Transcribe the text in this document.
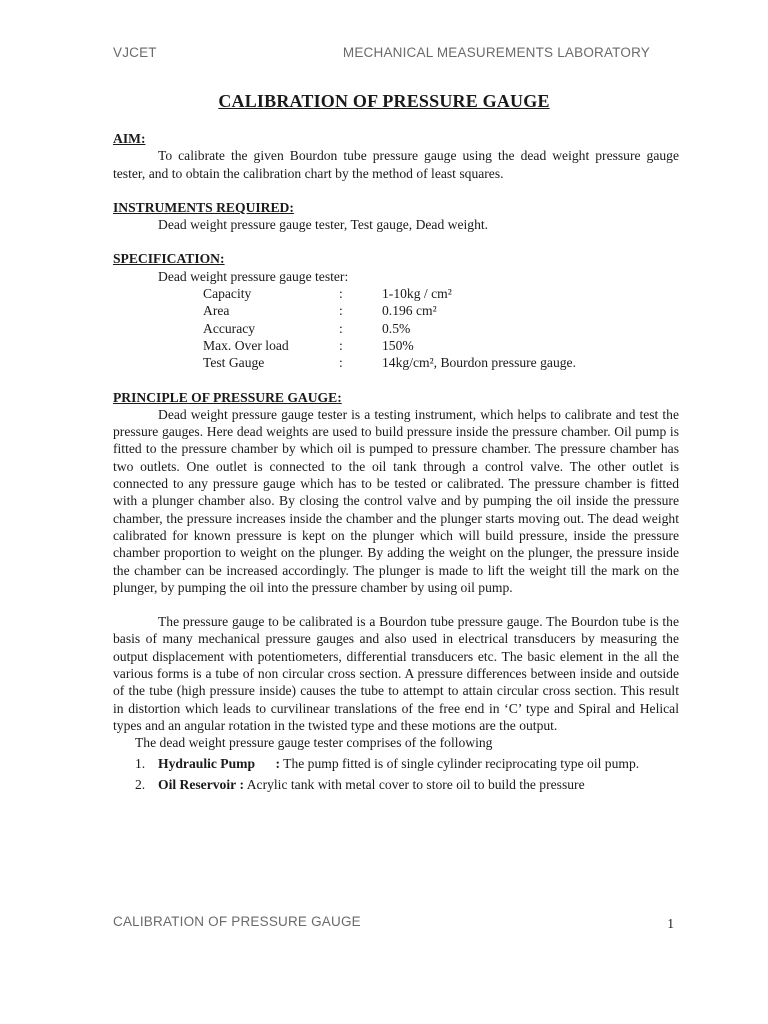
VJCET	MECHANICAL MEASUREMENTS LABORATORY
CALIBRATION OF PRESSURE GAUGE

AIM:

To calibrate the given Bourdon tube pressure gauge using the dead weight pressure gauge tester, and to obtain the calibration chart by the method of least squares.

INSTRUMENTS REQUIRED:

Dead weight pressure gauge tester, Test gauge, Dead weight.

SPECIFICATION:

Dead weight pressure gauge tester:

Capacity	:	1-10kg / cm²
Area	:	0.196 cm²
Accuracy	:	0.5%
Max. Over load	:	150%
Test Gauge	:	14kg/cm², Bourdon pressure gauge.

PRINCIPLE OF PRESSURE GAUGE:

Dead weight pressure gauge tester is a testing instrument, which helps to calibrate and test the pressure gauges. Here dead weights are used to build pressure inside the pressure chamber. Oil pump is fitted to the pressure chamber by which oil is pumped to pressure chamber. The pressure chamber has two outlets. One outlet is connected to the oil tank through a control valve. The other outlet is connected to any pressure gauge which has to be tested or calibrated. The pressure chamber is fitted with a plunger chamber also. By closing the control valve and by pumping the oil inside the pressure chamber, the pressure increases inside the chamber and the plunger starts moving out. The dead weight calibrated for known pressure is kept on the plunger which will build pressure, inside the pressure chamber proportion to weight on the plunger. By adding the weight on the plunger, the pressure inside the chamber can be increased accordingly. The plunger is made to lift the weight till the mark on the plunger, by pumping the oil into the pressure chamber by using oil pump.

The pressure gauge to be calibrated is a Bourdon tube pressure gauge. The Bourdon tube is the basis of many mechanical pressure gauges and also used in electrical transducers by measuring the output displacement with potentiometers, differential transducers etc. The basic element in the all the various forms is a tube of non circular cross section. A pressure differences between inside and outside of the tube (high pressure inside) causes the tube to attempt to attain circular cross section. This result in distortion which leads to curvilinear translations of the free end in ‘C’ type and Spiral and Helical types and an angular rotation in the twisted type and these motions are the output.

The dead weight pressure gauge tester comprises of the following

1. Hydraulic Pump : The pump fitted is of single cylinder reciprocating type oil pump.
2. Oil Reservoir : Acrylic tank with metal cover to store oil to build the pressure
CALIBRATION OF PRESSURE GAUGE	1
